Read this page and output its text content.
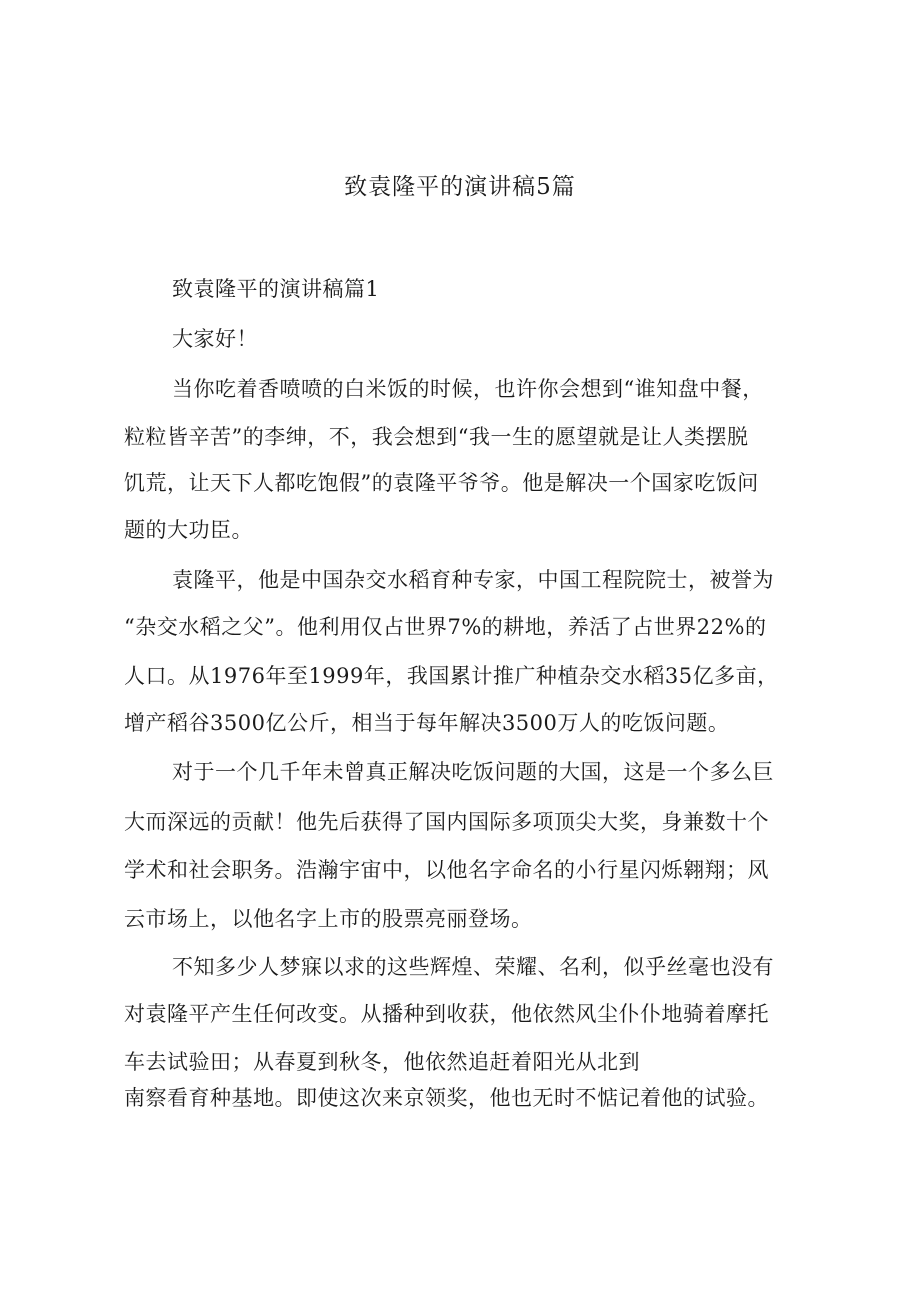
致袁隆平的演讲稿5篇
致袁隆平的演讲稿篇1
大家好！
当你吃着香喷喷的白米饭的时候，也许你会想到“谁知盘中餐，
粒粒皆辛苦”的李绅，不，我会想到“我一生的愿望就是让人类摆脱
饥荒，让天下人都吃饱假”的袁隆平爷爷。他是解决一个国家吃饭问
题的大功臣。
袁隆平，他是中国杂交水稻育种专家，中国工程院院士，被誉为
“杂交水稻之父”。他利用仅占世界7%的耕地，养活了占世界22%的
人口。从1976年至1999年，我国累计推广种植杂交水稻35亿多亩，
增产稻谷3500亿公斤，相当于每年解决3500万人的吃饭问题。
对于一个几千年未曾真正解决吃饭问题的大国，这是一个多么巨
大而深远的贡献！他先后获得了国内国际多项顶尖大奖，身兼数十个
学术和社会职务。浩瀚宇宙中，以他名字命名的小行星闪烁翱翔；风
云市场上，以他名字上市的股票亮丽登场。
不知多少人梦寐以求的这些辉煌、荣耀、名利，似乎丝毫也没有
对袁隆平产生任何改变。从播种到收获，他依然风尘仆仆地骑着摩托
车去试验田；从春夏到秋冬，他依然追赶着阳光从北到
南察看育种基地。即使这次来京领奖，他也无时不惦记着他的试验。
